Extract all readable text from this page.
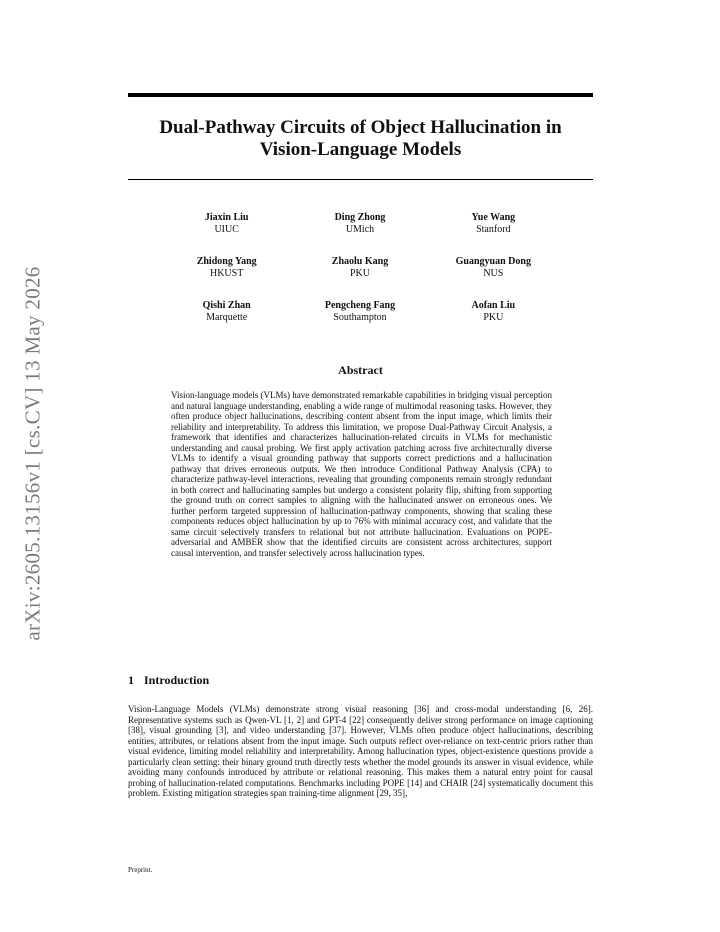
arXiv:2605.13156v1 [cs.CV] 13 May 2026
Dual-Pathway Circuits of Object Hallucination in
Vision-Language Models
Jiaxin Liu
UIUC
Ding Zhong
UMich
Yue Wang
Stanford
Zhidong Yang
HKUST
Zhaolu Kang
PKU
Guangyuan Dong
NUS
Qishi Zhan
Marquette
Pengcheng Fang
Southampton
Aofan Liu
PKU
Abstract

Vision-language models (VLMs) have demonstrated remarkable capabilities in bridging visual perception and natural language understanding, enabling a wide range of multimodal reasoning tasks. However, they often produce object hallucinations, describing content absent from the input image, which limits their reliability and interpretability. To address this limitation, we propose Dual-Pathway Circuit Analysis, a framework that identifies and characterizes hallucination-related circuits in VLMs for mechanistic understanding and causal probing. We first apply activation patching across five architecturally diverse VLMs to identify a visual grounding pathway that supports correct predictions and a hallucination pathway that drives erroneous outputs. We then introduce Conditional Pathway Analysis (CPA) to characterize pathway-level interactions, revealing that grounding components remain strongly redundant in both correct and hallucinating samples but undergo a consistent polarity flip, shifting from supporting the ground truth on correct samples to aligning with the hallucinated answer on erroneous ones. We further perform targeted suppression of hallucination-pathway components, showing that scaling these components reduces object hallucination by up to 76% with minimal accuracy cost, and validate that the same circuit selectively transfers to relational but not attribute hallucination. Evaluations on POPE-adversarial and AMBER show that the identified circuits are consistent across architectures, support causal intervention, and transfer selectively across hallucination types.

1 Introduction

Vision-Language Models (VLMs) demonstrate strong visual reasoning [36] and cross-modal understanding [6, 26]. Representative systems such as Qwen-VL [1, 2] and GPT-4 [22] consequently deliver strong performance on image captioning [38], visual grounding [3], and video understanding [37]. However, VLMs often produce object hallucinations, describing entities, attributes, or relations absent from the input image. Such outputs reflect over-reliance on text-centric priors rather than visual evidence, limiting model reliability and interpretability. Among hallucination types, object-existence questions provide a particularly clean setting: their binary ground truth directly tests whether the model grounds its answer in visual evidence, while avoiding many confounds introduced by attribute or relational reasoning. This makes them a natural entry point for causal probing of hallucination-related computations. Benchmarks including POPE [14] and CHAIR [24] systematically document this problem. Existing mitigation strategies span training-time alignment [29, 35],

Preprint.
